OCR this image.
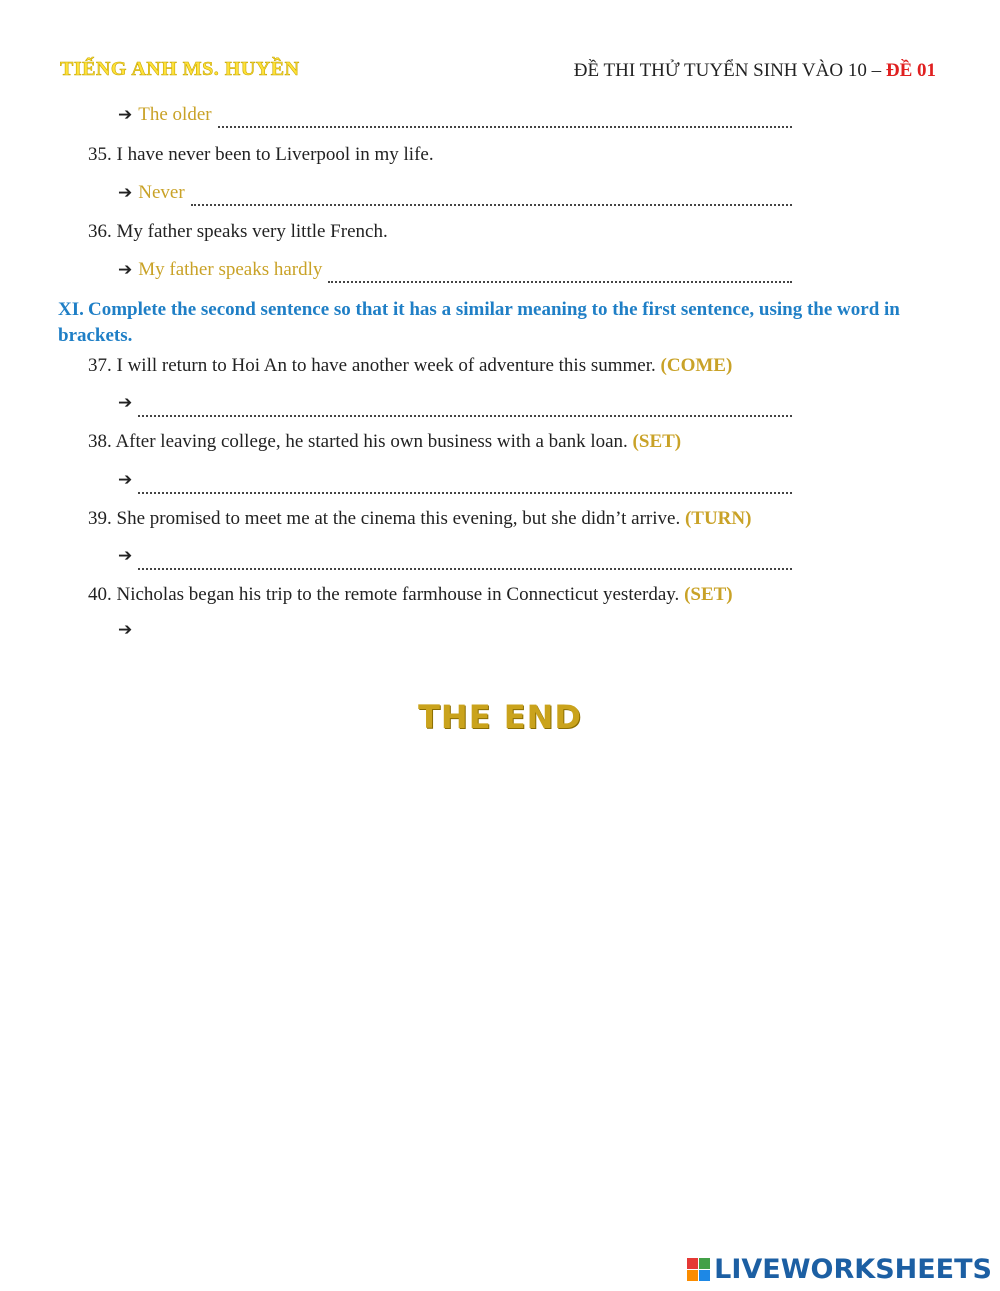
TIẾNG ANH MS. HUYỀN	ĐỀ THI THỬ TUYỂN SINH VÀO 10 – ĐỀ 01
➔ The older
35. I have never been to Liverpool in my life.
➔ Never
36. My father speaks very little French.
➔ My father speaks hardly
XI. Complete the second sentence so that it has a similar meaning to the first sentence, using the word in brackets.
37. I will return to Hoi An to have another week of adventure this summer. (COME)
➔
38. After leaving college, he started his own business with a bank loan. (SET)
➔
39. She promised to meet me at the cinema this evening, but she didn’t arrive. (TURN)
➔
40. Nicholas began his trip to the remote farmhouse in Connecticut yesterday. (SET)
➔
THE END
LIVEWORKSHEETS
